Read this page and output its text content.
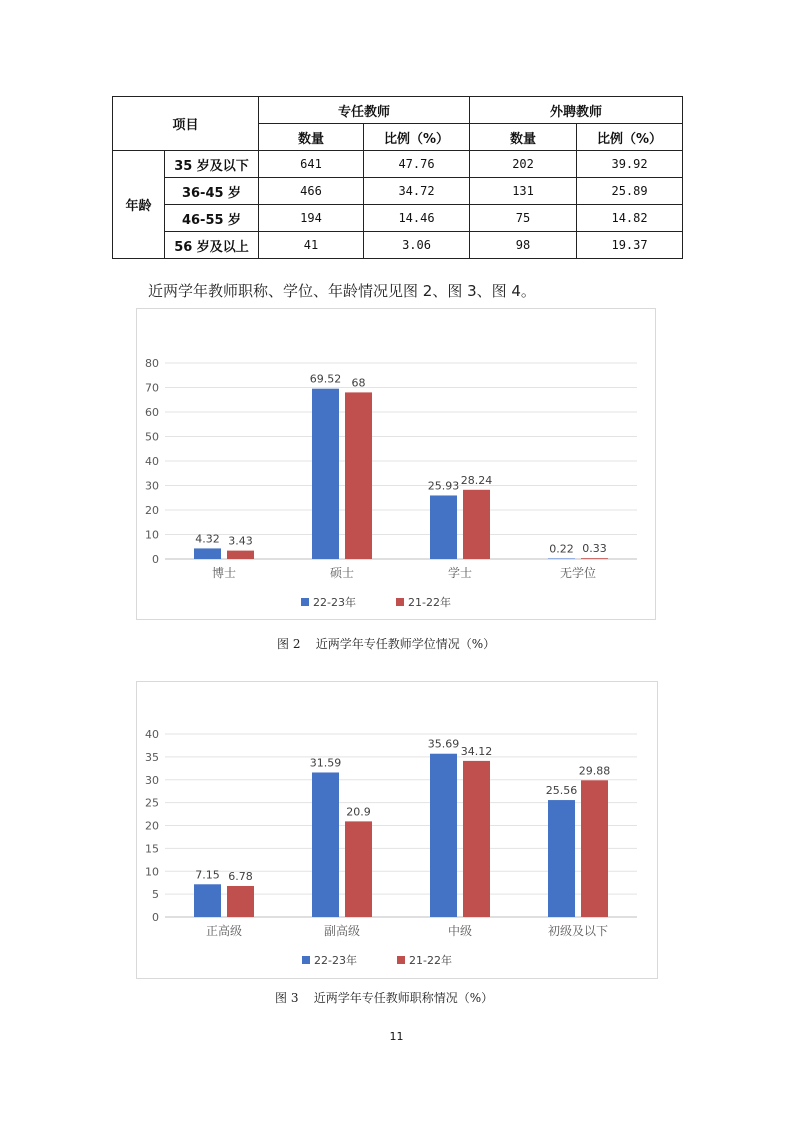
项目		专任教师		外聘教师	
		数量	比例（%）	数量	比例（%）
年龄	35 岁及以下	641	47.76	202	39.92
	36-45 岁	466	34.72	131	25.89
	46-55 岁	194	14.46	75	14.82
	56 岁及以上	41	3.06	98	19.37
近两学年教师职称、学位、年龄情况见图 2、图 3、图 4。
0
10
20
30
40
50
60
70
80
4.32 3.43
博士
69.52 68
硕士
25.93 28.24
学士
0.22 0.33
无学位
22-23年	21-22年
图 2    近两学年专任教师学位情况（%）
0
5
10
15
20
25
30
35
40
7.15 6.78
正高级
31.59
20.9
副高级
35.69
34.12
中级
25.56
29.88
初级及以下
22-23年	21-22年
图 3    近两学年专任教师职称情况（%）
11
